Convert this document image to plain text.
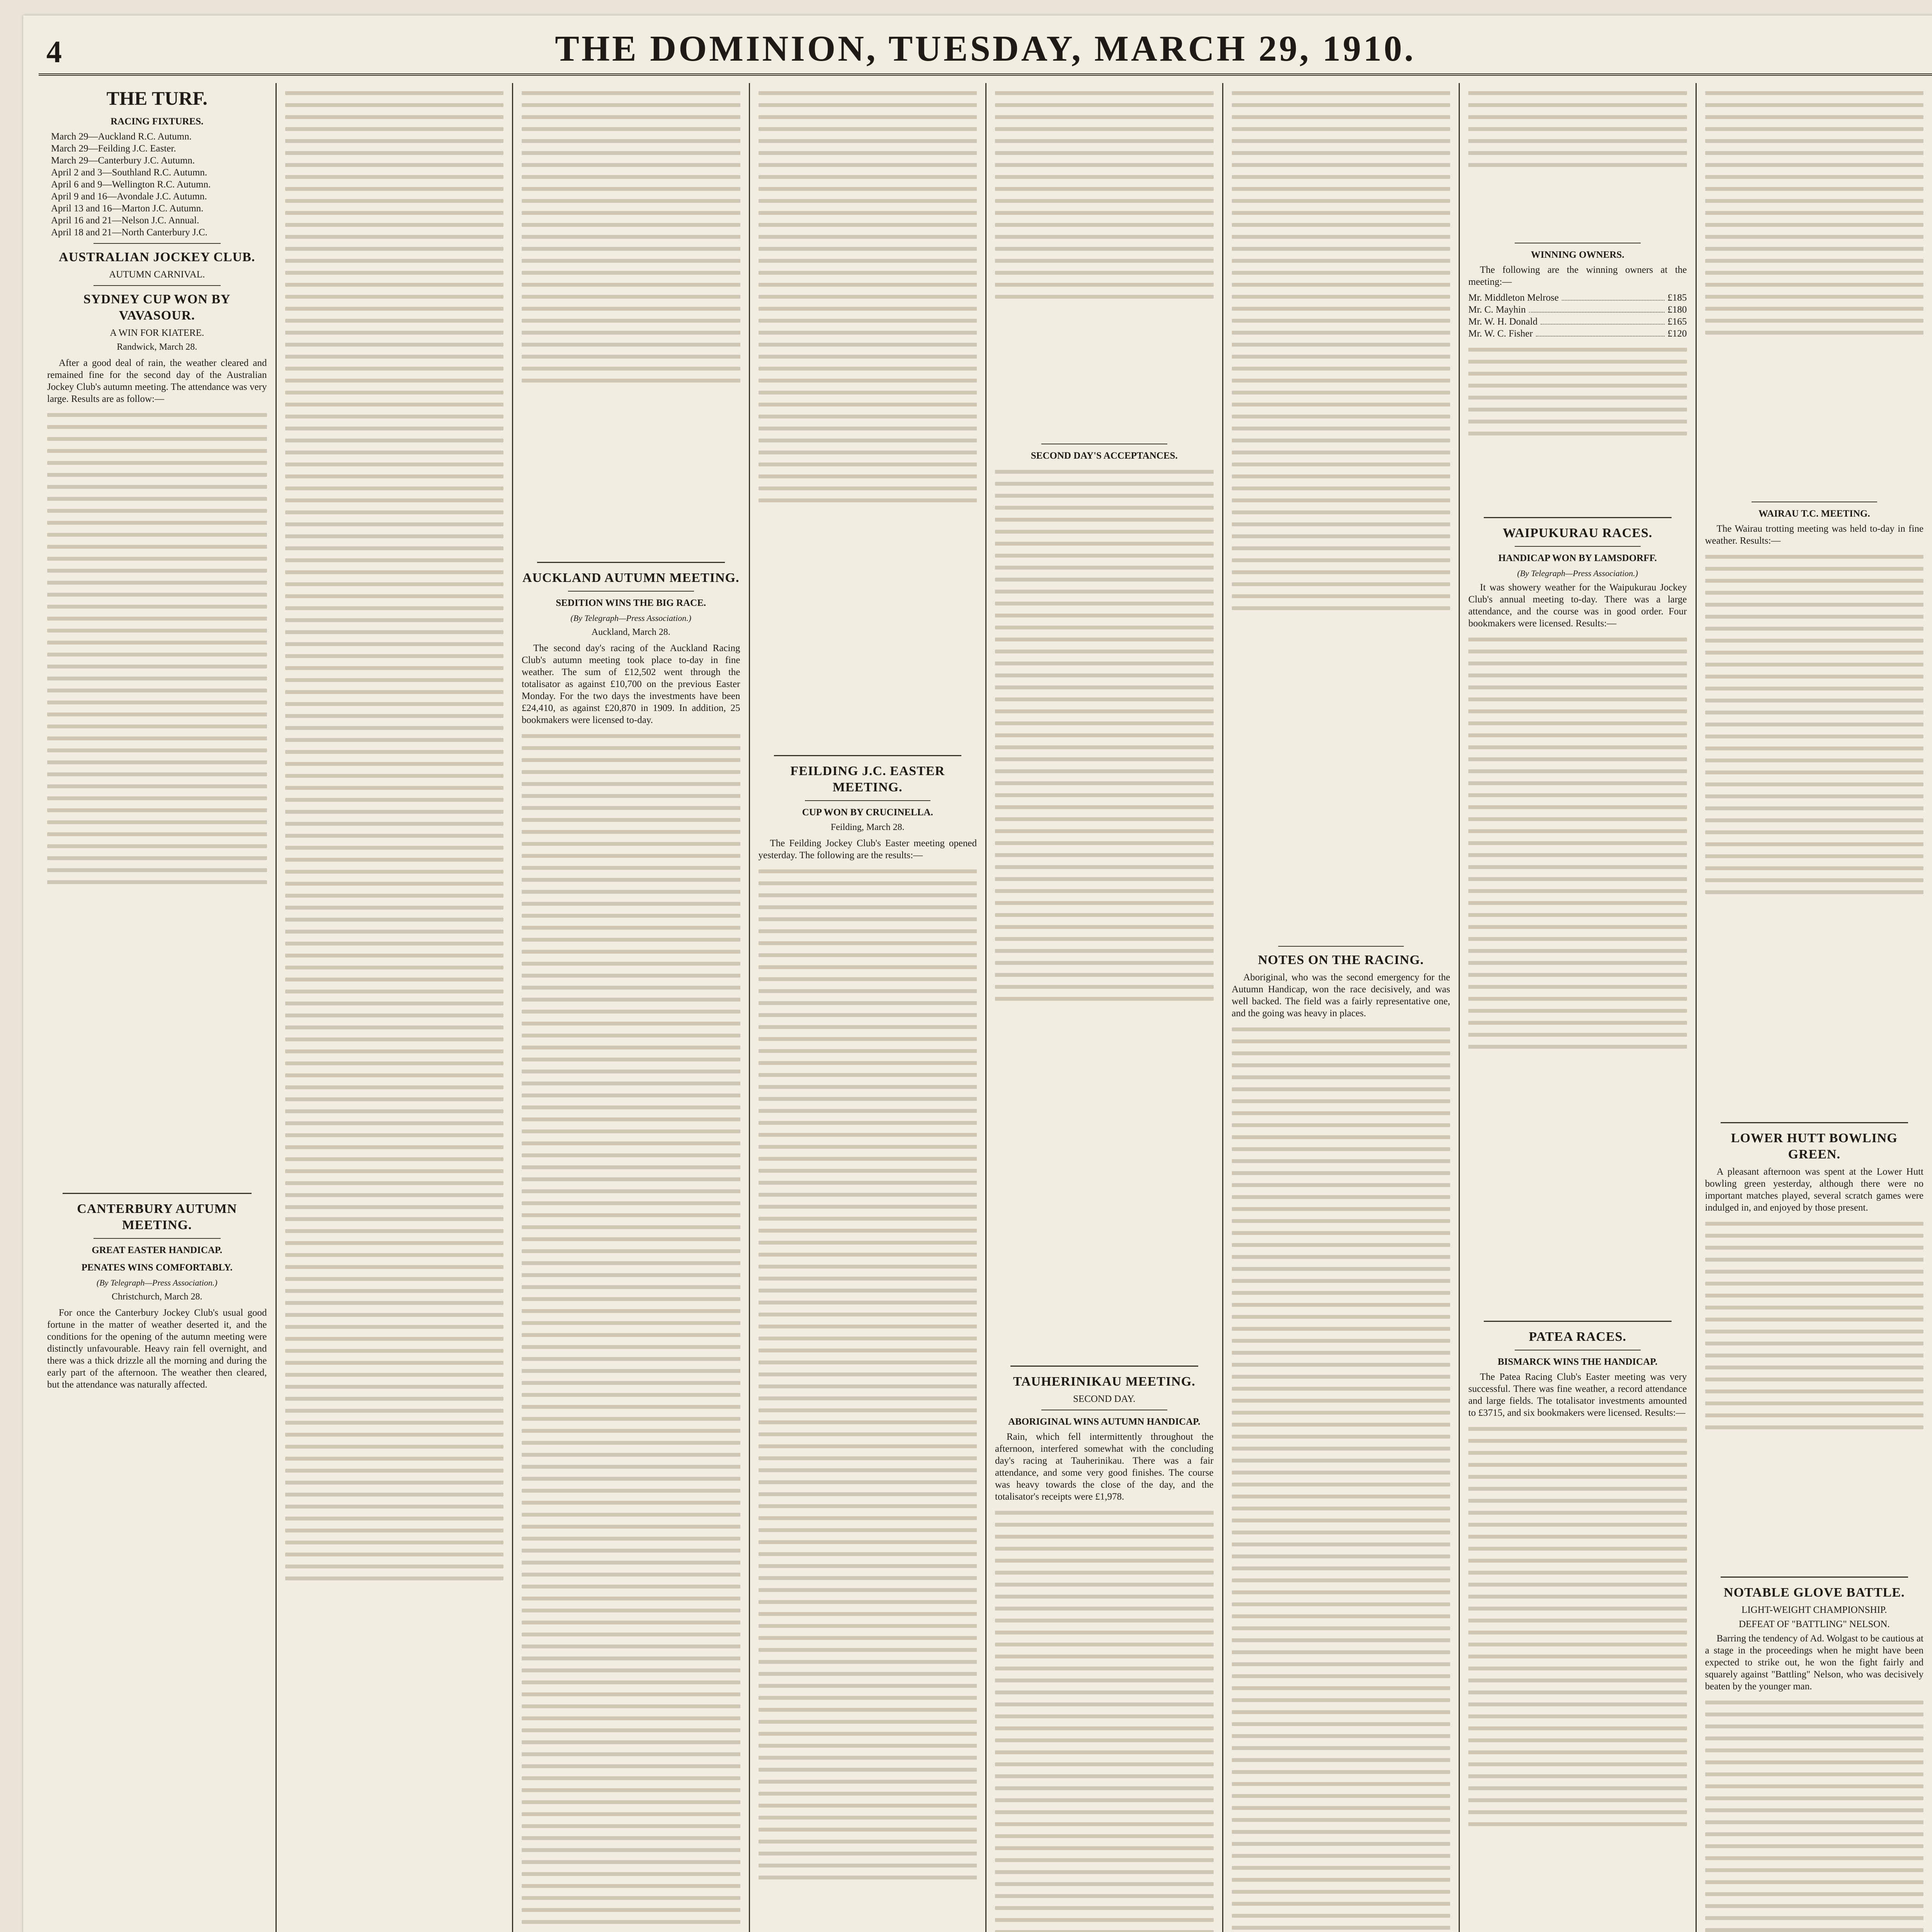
4	THE DOMINION, TUESDAY, MARCH 29, 1910.
THE TURF.
RACING FIXTURES.
March 29—Auckland R.C. Autumn.
March 29—Feilding J.C. Easter.
March 29—Canterbury J.C. Autumn.
April 2 and 3—Southland R.C. Autumn.
April 6 and 9—Wellington R.C. Autumn.
April 9 and 16—Avondale J.C. Autumn.
April 13 and 16—Marton J.C. Autumn.
April 16 and 21—Nelson J.C. Annual.
April 18 and 21—North Canterbury J.C.
AUSTRALIAN JOCKEY CLUB.
AUTUMN CARNIVAL.
SYDNEY CUP WON BY VAVASOUR.
A WIN FOR KIATERE.
Randwick, March 28.

After a good deal of rain, the weather cleared and remained fine for the second day of the Australian Jockey Club's autumn meeting. The attendance was very large. Results are as follow:—

CANTERBURY AUTUMN MEETING.
GREAT EASTER HANDICAP.
PENATES WINS COMFORTABLY.
(By Telegraph—Press Association.)
Christchurch, March 28.

For once the Canterbury Jockey Club's usual good fortune in the matter of weather deserted it, and the conditions for the opening of the autumn meeting were distinctly unfavourable. Heavy rain fell overnight, and there was a thick drizzle all the morning and during the early part of the afternoon. The weather then cleared, but the attendance was naturally affected.

AUCKLAND AUTUMN MEETING.
SEDITION WINS THE BIG RACE.
(By Telegraph—Press Association.)
Auckland, March 28.

The second day's racing of the Auckland Racing Club's autumn meeting took place to-day in fine weather. The sum of £12,502 went through the totalisator as against £10,700 on the previous Easter Monday. For the two days the investments have been £24,410, as against £20,870 in 1909. In addition, 25 bookmakers were licensed to-day.

FEILDING J.C. EASTER MEETING.
CUP WON BY CRUCINELLA.
Feilding, March 28.

The Feilding Jockey Club's Easter meeting opened yesterday. The following are the results:—

SECOND DAY'S ACCEPTANCES.
TAUHERINIKAU MEETING.
SECOND DAY.
ABORIGINAL WINS AUTUMN HANDICAP.

Rain, which fell intermittently throughout the afternoon, interfered somewhat with the concluding day's racing at Tauherinikau. There was a fair attendance, and some very good finishes. The course was heavy towards the close of the day, and the totalisator's receipts were £1,978.

NOTES ON THE RACING.

Aboriginal, who was the second emergency for the Autumn Handicap, won the race decisively, and was well backed. The field was a fairly representative one, and the going was heavy in places.

WINNING OWNERS.

The following are the winning owners at the meeting:—

Mr. Middleton Melrose	£185
Mr. C. Mayhin	£180
Mr. W. H. Donald	£165
Mr. W. C. Fisher	£120
WAIPUKURAU RACES.
HANDICAP WON BY LAMSDORFF.
(By Telegraph—Press Association.)

It was showery weather for the Waipukurau Jockey Club's annual meeting to-day. There was a large attendance, and the course was in good order. Four bookmakers were licensed. Results:—

PATEA RACES.
BISMARCK WINS THE HANDICAP.

The Patea Racing Club's Easter meeting was very successful. There was fine weather, a record attendance and large fields. The totalisator investments amounted to £3715, and six bookmakers were licensed. Results:—

WAIRAU T.C. MEETING.

The Wairau trotting meeting was held to-day in fine weather. Results:—

LOWER HUTT BOWLING GREEN.

A pleasant afternoon was spent at the Lower Hutt bowling green yesterday, although there were no important matches played, several scratch games were indulged in, and enjoyed by those present.

NOTABLE GLOVE BATTLE.
LIGHT-WEIGHT CHAMPIONSHIP.
DEFEAT OF "BATTLING" NELSON.

Barring the tendency of Ad. Wolgast to be cautious at a stage in the proceedings when he might have been expected to strike out, he won the fight fairly and squarely against "Battling" Nelson, who was decisively beaten by the younger man.
